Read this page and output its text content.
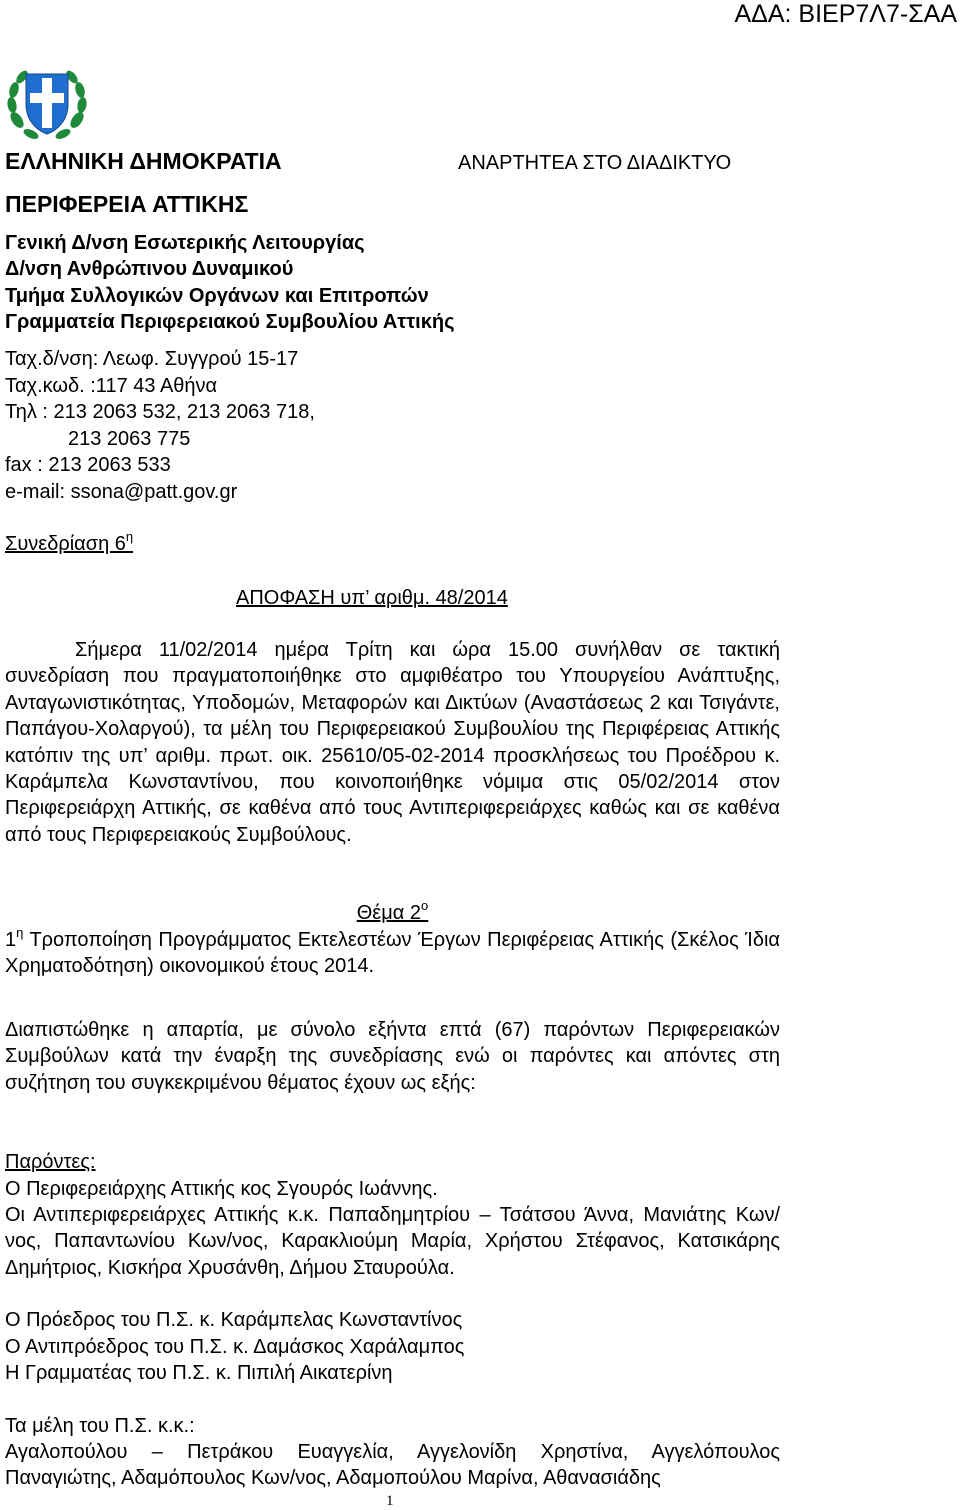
ΑΔΑ: ΒΙΕΡ7Λ7-ΣΑΑ
ΕΛΛΗΝΙΚΗ ΔΗΜΟΚΡΑΤΙΑ	ΑΝΑΡΤΗΤΕΑ ΣΤΟ ΔΙΑΔΙΚΤΥΟ
ΠΕΡΙΦΕΡΕΙΑ ΑΤΤΙΚΗΣ
Γενική Δ/νση Εσωτερικής Λειτουργίας
Δ/νση Ανθρώπινου Δυναμικού
Τμήμα Συλλογικών Οργάνων και Επιτροπών
Γραμματεία Περιφερειακού Συμβουλίου Αττικής
Ταχ.δ/νση: Λεωφ. Συγγρού 15-17
Ταχ.κωδ. :117 43 Αθήνα
Τηλ : 213 2063 532, 213 2063 718,
213 2063 775
fax : 213 2063 533
e-mail: ssona@patt.gov.gr
Συνεδρίαση $6^\eta$
ΑΠΟΦΑΣΗ υπ’ αριθμ. 48/2014
Σήμερα 11/02/2014 ημέρα Τρίτη και ώρα 15.00 συνήλθαν σε τακτική συνεδρίαση που πραγματοποιήθηκε στο αμφιθέατρο του Υπουργείου Ανάπτυξης, Ανταγωνιστικότητας, Υποδομών, Μεταφορών και Δικτύων (Αναστάσεως 2 και Τσιγάντε, Παπάγου-Χολαργού), τα μέλη του Περιφερειακού Συμβουλίου της Περιφέρειας Αττικής κατόπιν της υπ’ αριθμ. πρωτ. οικ. 25610/05-02-2014 προσκλήσεως του Προέδρου κ. Καράμπελα Κωνσταντίνου, που κοινοποιήθηκε νόμιμα στις 05/02/2014 στον Περιφερειάρχη Αττικής, σε καθένα από τους Αντιπεριφερειάρχες καθώς και σε καθένα από τους Περιφερειακούς Συμβούλους.
Θέμα $2^o$
$1^\eta$ Τροποποίηση Προγράμματος Εκτελεστέων Έργων Περιφέρειας Αττικής (Σκέλος Ίδια Χρηματοδότηση) οικονομικού έτους 2014.
Διαπιστώθηκε η απαρτία, με σύνολο εξήντα επτά (67) παρόντων Περιφερειακών Συμβούλων κατά την έναρξη της συνεδρίασης ενώ οι παρόντες και απόντες στη συζήτηση του συγκεκριμένου θέματος έχουν ως εξής:
Παρόντες:
Ο Περιφερειάρχης Αττικής κος Σγουρός Ιωάννης.
Οι Αντιπεριφερειάρχες Αττικής κ.κ. Παπαδημητρίου – Τσάτσου Άννα, Μανιάτης Κων/νος, Παπαντωνίου Κων/νος, Καρακλιούμη Μαρία, Χρήστου Στέφανος, Κατσικάρης Δημήτριος, Κισκήρα Χρυσάνθη, Δήμου Σταυρούλα.
Ο Πρόεδρος του Π.Σ. κ. Καράμπελας Κωνσταντίνος
Ο Αντιπρόεδρος του Π.Σ. κ. Δαμάσκος Χαράλαμπος
Η Γραμματέας του Π.Σ. κ. Πιπιλή Αικατερίνη
Τα μέλη του Π.Σ. κ.κ.:
Αγαλοπούλου – Πετράκου Ευαγγελία, Αγγελονίδη Χρηστίνα, Αγγελόπουλος Παναγιώτης, Αδαμόπουλος Κων/νος, Αδαμοπούλου Μαρίνα, Αθανασιάδης
1
